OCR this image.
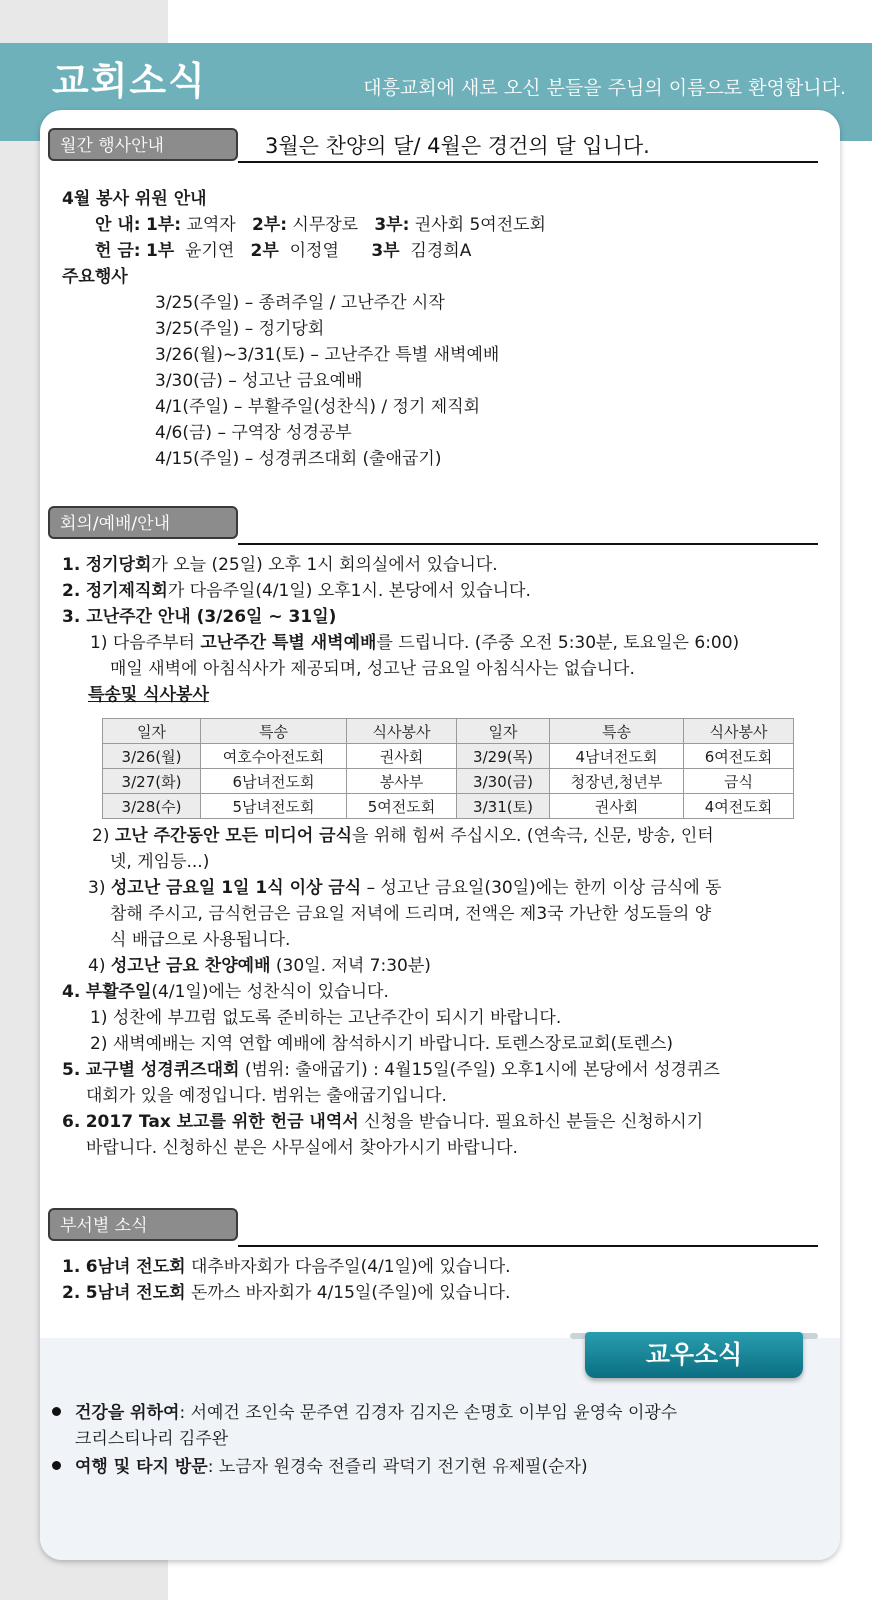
교회소식	대흥교회에 새로 오신 분들을 주님의 이름으로 환영합니다.
월간 행사안내	3월은 찬양의 달/ 4월은 경건의 달 입니다.
4월 봉사 위원 안내
안 내: 1부: 교역자 2부: 시무장로 3부: 권사회 5여전도회
헌 금: 1부 윤기연 2부 이정열 3부 김경희A
주요행사
3/25(주일) – 종려주일 / 고난주간 시작
3/25(주일) – 정기당회
3/26(월)~3/31(토) – 고난주간 특별 새벽예배
3/30(금) – 성고난 금요예배
4/1(주일) – 부활주일(성찬식) / 정기 제직회
4/6(금) – 구역장 성경공부
4/15(주일) – 성경퀴즈대회 (출애굽기)
회의/예배/안내
1. 정기당회가 오늘 (25일) 오후 1시 회의실에서 있습니다.
2. 정기제직회가 다음주일(4/1일) 오후1시. 본당에서 있습니다.
3. 고난주간 안내 (3/26일 ~ 31일)
1) 다음주부터 고난주간 특별 새벽예배를 드립니다. (주중 오전 5:30분, 토요일은 6:00)
매일 새벽에 아침식사가 제공되며, 성고난 금요일 아침식사는 없습니다.
특송및 식사봉사
일자	특송	식사봉사	일자	특송	식사봉사
3/26(월)	여호수아전도회	권사회	3/29(목)	4남녀전도회	6여전도회
3/27(화)	6남녀전도회	봉사부	3/30(금)	청장년,청년부	금식
3/28(수)	5남녀전도회	5여전도회	3/31(토)	권사회	4여전도회
2) 고난 주간동안 모든 미디어 금식을 위해 힘써 주십시오. (연속극, 신문, 방송, 인터
넷, 게임등...)
3) 성고난 금요일 1일 1식 이상 금식 – 성고난 금요일(30일)에는 한끼 이상 금식에 동
참해 주시고, 금식헌금은 금요일 저녁에 드리며, 전액은 제3국 가난한 성도들의 양
식 배급으로 사용됩니다.
4) 성고난 금요 찬양예배 (30일. 저녁 7:30분)
4. 부활주일(4/1일)에는 성찬식이 있습니다.
1) 성찬에 부끄럼 없도록 준비하는 고난주간이 되시기 바랍니다.
2) 새벽예배는 지역 연합 예배에 참석하시기 바랍니다. 토렌스장로교회(토렌스)
5. 교구별 성경퀴즈대회 (범위: 출애굽기) : 4월15일(주일) 오후1시에 본당에서 성경퀴즈
대회가 있을 예정입니다. 범위는 출애굽기입니다.
6. 2017 Tax 보고를 위한 헌금 내역서 신청을 받습니다. 필요하신 분들은 신청하시기
바랍니다. 신청하신 분은 사무실에서 찾아가시기 바랍니다.
부서별 소식
1. 6남녀 전도회 대추바자회가 다음주일(4/1일)에 있습니다.
2. 5남녀 전도회 돈까스 바자회가 4/15일(주일)에 있습니다.
교우소식
건강을 위하여: 서예건 조인숙 문주연 김경자 김지은 손명호 이부임 윤영숙 이광수
크리스티나리 김주완
여행 및 타지 방문: 노금자 원경숙 전즐리 곽덕기 전기현 유제필(순자)
